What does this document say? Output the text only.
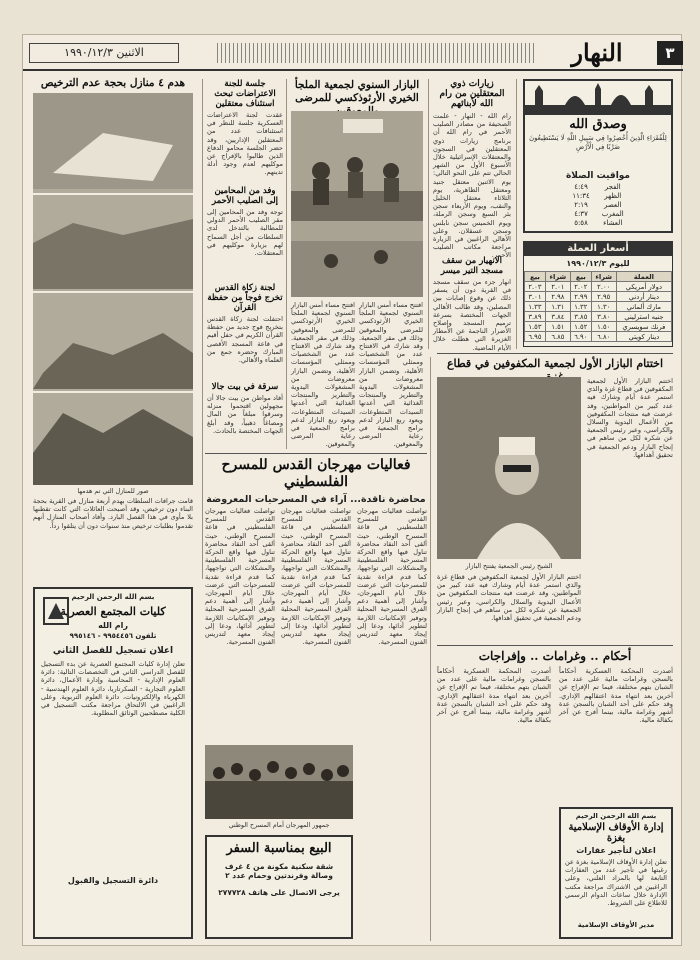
٣
النهار
الاثنين ١٩٩٠/١٢/٣
وصدق الله
لِلْفُقَرَاءِ الَّذِينَ أُحْصِرُوا فِي سَبِيلِ اللَّهِ لَا يَسْتَطِيعُونَ ضَرْبًا فِي الْأَرْضِ
مواقيت الصلاة
الفجر	٤:٤٩
الظهر	١١:٣٤
العصر	٢:١٩
المغرب	٤:٣٧
العشاء	٥:٥٨
أسعار العملة
لليوم ١٩٩٠/١٢/٣
العملة	شراء	بيع	شراء	بيع
دولار أمريكي	٢.٠٠	٢.٠٢	٢.٠١	٢.٠٣
دينار أردني	٢.٩٥	٢.٩٩	٢.٩٨	٣.٠١
مارك ألماني	١.٣٠	١.٣٢	١.٣١	١.٣٣
جنيه استرليني	٣.٨٠	٣.٨٥	٣.٨٤	٣.٨٩
فرنك سويسري	١.٥٠	١.٥٢	١.٥١	١.٥٣
دينار كويتي	٦.٨٠	٦.٩٠	٦.٨٥	٦.٩٥
اختتام البازار الأول لجمعية المكفوفين في قطاع
اختتم البازار الأول لجمعية المكفوفين في قطاع غزة والذي استمر عدة أيام وشارك فيه عدد كبير من المواطنين، وقد عرضت فيه منتجات المكفوفين من الأعمال اليدوية والسلال والكراسي، وعبر رئيس الجمعية عن شكره لكل من ساهم في إنجاح البازار ودعم الجمعية في تحقيق أهدافها.
الشيخ رئيس الجمعية يفتتح البازار
اختتم البازار الأول لجمعية المكفوفين في قطاع غزة والذي استمر عدة أيام وشارك فيه عدد كبير من المواطنين، وقد عرضت فيه منتجات المكفوفين من الأعمال اليدوية والسلال والكراسي، وعبر رئيس الجمعية عن شكره لكل من ساهم في إنجاح البازار ودعم الجمعية في تحقيق أهدافها.
أحكام .. وغرامات .. وإفراجات
أصدرت المحكمة العسكرية أحكاماً بالسجن وغرامات مالية على عدد من الشبان بتهم مختلفة، فيما تم الإفراج عن آخرين بعد انتهاء مدة اعتقالهم الإداري. وقد حكم على أحد الشبان بالسجن عدة أشهر وغرامة مالية، بينما أفرج عن آخر بكفالة مالية.
أصدرت المحكمة العسكرية أحكاماً بالسجن وغرامات مالية على عدد من الشبان بتهم مختلفة، فيما تم الإفراج عن آخرين بعد انتهاء مدة اعتقالهم الإداري. وقد حكم على أحد الشبان بالسجن عدة أشهر وغرامة مالية، بينما أفرج عن آخر بكفالة مالية.
بسم الله الرحمن الرحيم
إدارة الأوقاف الإسلامية بغزة
اعلان لتأجير عقارات
تعلن إدارة الأوقاف الإسلامية بغزة عن رغبتها في تأجير عدد من العقارات التابعة لها بالمزاد العلني، وعلى الراغبين في الاشتراك مراجعة مكتب الإدارة خلال ساعات الدوام الرسمي للاطلاع على الشروط.
مدير الأوقاف الإسلامية
زيارات ذوي المعتقلين من رام الله لأبنائهم
رام الله - النهار - علمت الصحيفة من مصادر الصليب الأحمر في رام الله أن برنامج زيارات ذوي المعتقلين في السجون والمعتقلات الإسرائيلية خلال الأسبوع الأول من الشهر الحالي تتم على النحو التالي: يوم الاثنين معتقل جنيد ومعتقل الظاهرية، يوم الثلاثاء معتقل الخليل والنقب، ويوم الأربعاء سجن بئر السبع وسجن الرملة، ويوم الخميس سجن نابلس وسجن عسقلان. وعلى الأهالي الراغبين في الزيارة مراجعة مكاتب الصليب الأحمر.
الانهيار من سقف مسجد التير ميسر
انهار جزء من سقف مسجد في القرية دون أن يسفر ذلك عن وقوع إصابات بين المصلين، وقد طالب الأهالي الجهات المختصة بسرعة ترميم المسجد وإصلاح الأضرار الناجمة عن الأمطار الغزيرة التي هطلت خلال الأيام الماضية.
البازار السنوي لجمعية الملجأ الخيري الأرثوذكسي للمرضى
افتتح مساء أمس البازار السنوي لجمعية الملجأ الخيري الأرثوذكسي للمرضى والمعوقين وذلك في مقر الجمعية. وقد شارك في الافتتاح عدد من الشخصيات وممثلي المؤسسات الأهلية، وتضمن البازار معروضات من المشغولات اليدوية والتطريز والمنتجات الغذائية التي أعدتها السيدات المتطوعات، ويعود ريع البازار لدعم برامج الجمعية في رعاية المرضى والمعوقين.
افتتح مساء أمس البازار السنوي لجمعية الملجأ الخيري الأرثوذكسي للمرضى والمعوقين وذلك في مقر الجمعية. وقد شارك في الافتتاح عدد من الشخصيات وممثلي المؤسسات الأهلية، وتضمن البازار معروضات من المشغولات اليدوية والتطريز والمنتجات الغذائية التي أعدتها السيدات المتطوعات، ويعود ريع البازار لدعم برامج الجمعية في رعاية المرضى والمعوقين.
جلسة للجنة الاعتراضات تبحث استئناف معتقلين
عقدت لجنة الاعتراضات العسكرية جلسة للنظر في استئنافات عدد من المعتقلين الإداريين، وقد حضر الجلسة محامو الدفاع الذين طالبوا بالإفراج عن موكليهم لعدم وجود أدلة تدينهم.
وفد من المحامين إلى الصليب الأحمر
توجه وفد من المحامين إلى مقر الصليب الأحمر الدولي للمطالبة بالتدخل لدى السلطات من أجل السماح لهم بزيارة موكليهم في المعتقلات.
لجنة زكاة القدس تخرج فوجاً من حفظة القرآن
احتفلت لجنة زكاة القدس بتخريج فوج جديد من حفظة القرآن الكريم في حفل أقيم في قاعة المسجد الأقصى المبارك وحضره جمع من العلماء والأهالي.
سرقة في بيت جالا
أفاد مواطن من بيت جالا أن مجهولين اقتحموا منزله وسرقوا مبلغاً من المال ومصاغاً ذهبياً، وقد أبلغ الجهات المختصة بالحادث.
هدم ٤ منازل بحجة عدم الترخيص
صور للمنازل التي تم هدمها
قامت جرافات السلطات بهدم أربعة منازل في القرية بحجة البناء دون ترخيص، وقد أصبحت العائلات التي كانت تقطنها بلا مأوى في هذا الفصل البارد. وأفاد أصحاب المنازل أنهم تقدموا بطلبات ترخيص منذ سنوات دون أن يتلقوا رداً.
فعاليات مهرجان القدس للمسرح الفلسطيني
محاضرة ناقدة... آراء في المسرحيات المعروضة
تواصلت فعاليات مهرجان القدس للمسرح الفلسطيني في قاعة المسرح الوطني، حيث ألقى أحد النقاد محاضرة تناول فيها واقع الحركة المسرحية الفلسطينية والمشكلات التي تواجهها، كما قدم قراءة نقدية للمسرحيات التي عرضت خلال أيام المهرجان، وأشار إلى أهمية دعم الفرق المسرحية المحلية وتوفير الإمكانيات اللازمة لتطوير أدائها، ودعا إلى إيجاد معهد لتدريس الفنون المسرحية.
تواصلت فعاليات مهرجان القدس للمسرح الفلسطيني في قاعة المسرح الوطني، حيث ألقى أحد النقاد محاضرة تناول فيها واقع الحركة المسرحية الفلسطينية والمشكلات التي تواجهها، كما قدم قراءة نقدية للمسرحيات التي عرضت خلال أيام المهرجان، وأشار إلى أهمية دعم الفرق المسرحية المحلية وتوفير الإمكانيات اللازمة لتطوير أدائها، ودعا إلى إيجاد معهد لتدريس الفنون المسرحية.
تواصلت فعاليات مهرجان القدس للمسرح الفلسطيني في قاعة المسرح الوطني، حيث ألقى أحد النقاد محاضرة تناول فيها واقع الحركة المسرحية الفلسطينية والمشكلات التي تواجهها، كما قدم قراءة نقدية للمسرحيات التي عرضت خلال أيام المهرجان، وأشار إلى أهمية دعم الفرق المسرحية المحلية وتوفير الإمكانيات اللازمة لتطوير أدائها، ودعا إلى إيجاد معهد لتدريس الفنون المسرحية.
جمهور المهرجان أمام المسرح الوطني
البيع بمناسبة السفر
شقة سكنية مكونة من ٤ غرف وصالة وفرندتين وحمام عدد ٢
يرجى الاتصال على هاتف ٢٧٧٧٢٨
بسم الله الرحمن الرحيم
كليات المجتمع العصرية
رام الله
تلفون ٩٩٥٤٤٥٦ - ٩٩٥١٤٦
اعلان تسجيل للفصل الثاني
تعلن إدارة كليات المجتمع العصرية عن بدء التسجيل للفصل الدراسي الثاني في التخصصات التالية: دائرة العلوم الإدارية - المحاسبة وإدارة الأعمال، دائرة العلوم التجارية - السكرتاريا، دائرة العلوم الهندسية - الكهرباء والإلكترونيات، دائرة العلوم التربوية. وعلى الراغبين في الالتحاق مراجعة مكتب التسجيل في الكلية مصطحبين الوثائق المطلوبة.
دائرة التسجيل والقبول
